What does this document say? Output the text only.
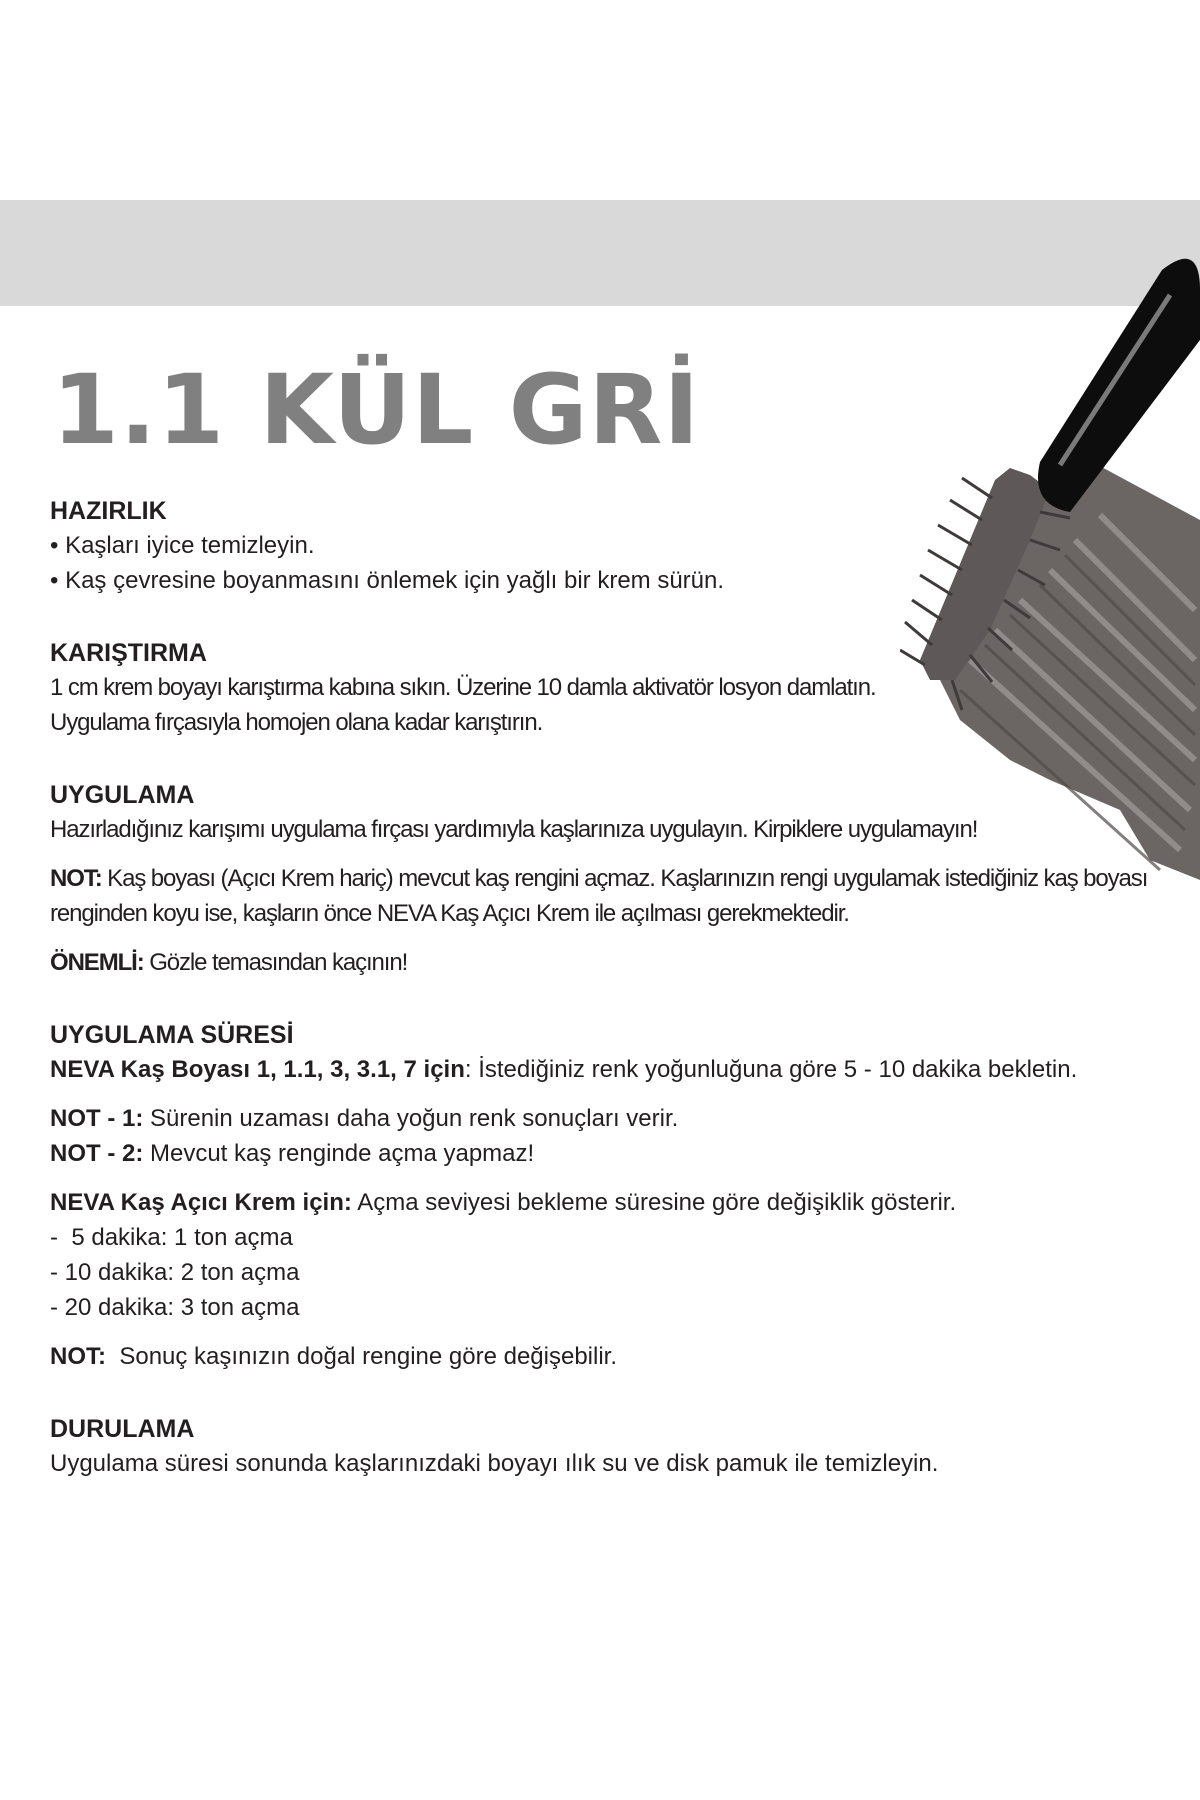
1.1 KÜL GRİ

HAZIRLIK

• Kaşları iyice temizleyin.

• Kaş çevresine boyanmasını önlemek için yağlı bir krem sürün.

KARIŞTIRMA

1 cm krem boyayı karıştırma kabına sıkın. Üzerine 10 damla aktivatör losyon damlatın.

Uygulama fırçasıyla homojen olana kadar karıştırın.

UYGULAMA

Hazırladığınız karışımı uygulama fırçası yardımıyla kaşlarınıza uygulayın. Kirpiklere uygulamayın!

NOT: Kaş boyası (Açıcı Krem hariç) mevcut kaş rengini açmaz. Kaşlarınızın rengi uygulamak istediğiniz kaş boyası

renginden koyu ise, kaşların önce NEVA Kaş Açıcı Krem ile açılması gerekmektedir.

ÖNEMLİ: Gözle temasından kaçının!

UYGULAMA SÜRESİ

NEVA Kaş Boyası 1, 1.1, 3, 3.1, 7 için: İstediğiniz renk yoğunluğuna göre 5 - 10 dakika bekletin.

NOT - 1: Sürenin uzaması daha yoğun renk sonuçları verir.

NOT - 2: Mevcut kaş renginde açma yapmaz!

NEVA Kaş Açıcı Krem için: Açma seviyesi bekleme süresine göre değişiklik gösterir.

-  5 dakika: 1 ton açma

- 10 dakika: 2 ton açma

- 20 dakika: 3 ton açma

NOT:  Sonuç kaşınızın doğal rengine göre değişebilir.

DURULAMA

Uygulama süresi sonunda kaşlarınızdaki boyayı ılık su ve disk pamuk ile temizleyin.
